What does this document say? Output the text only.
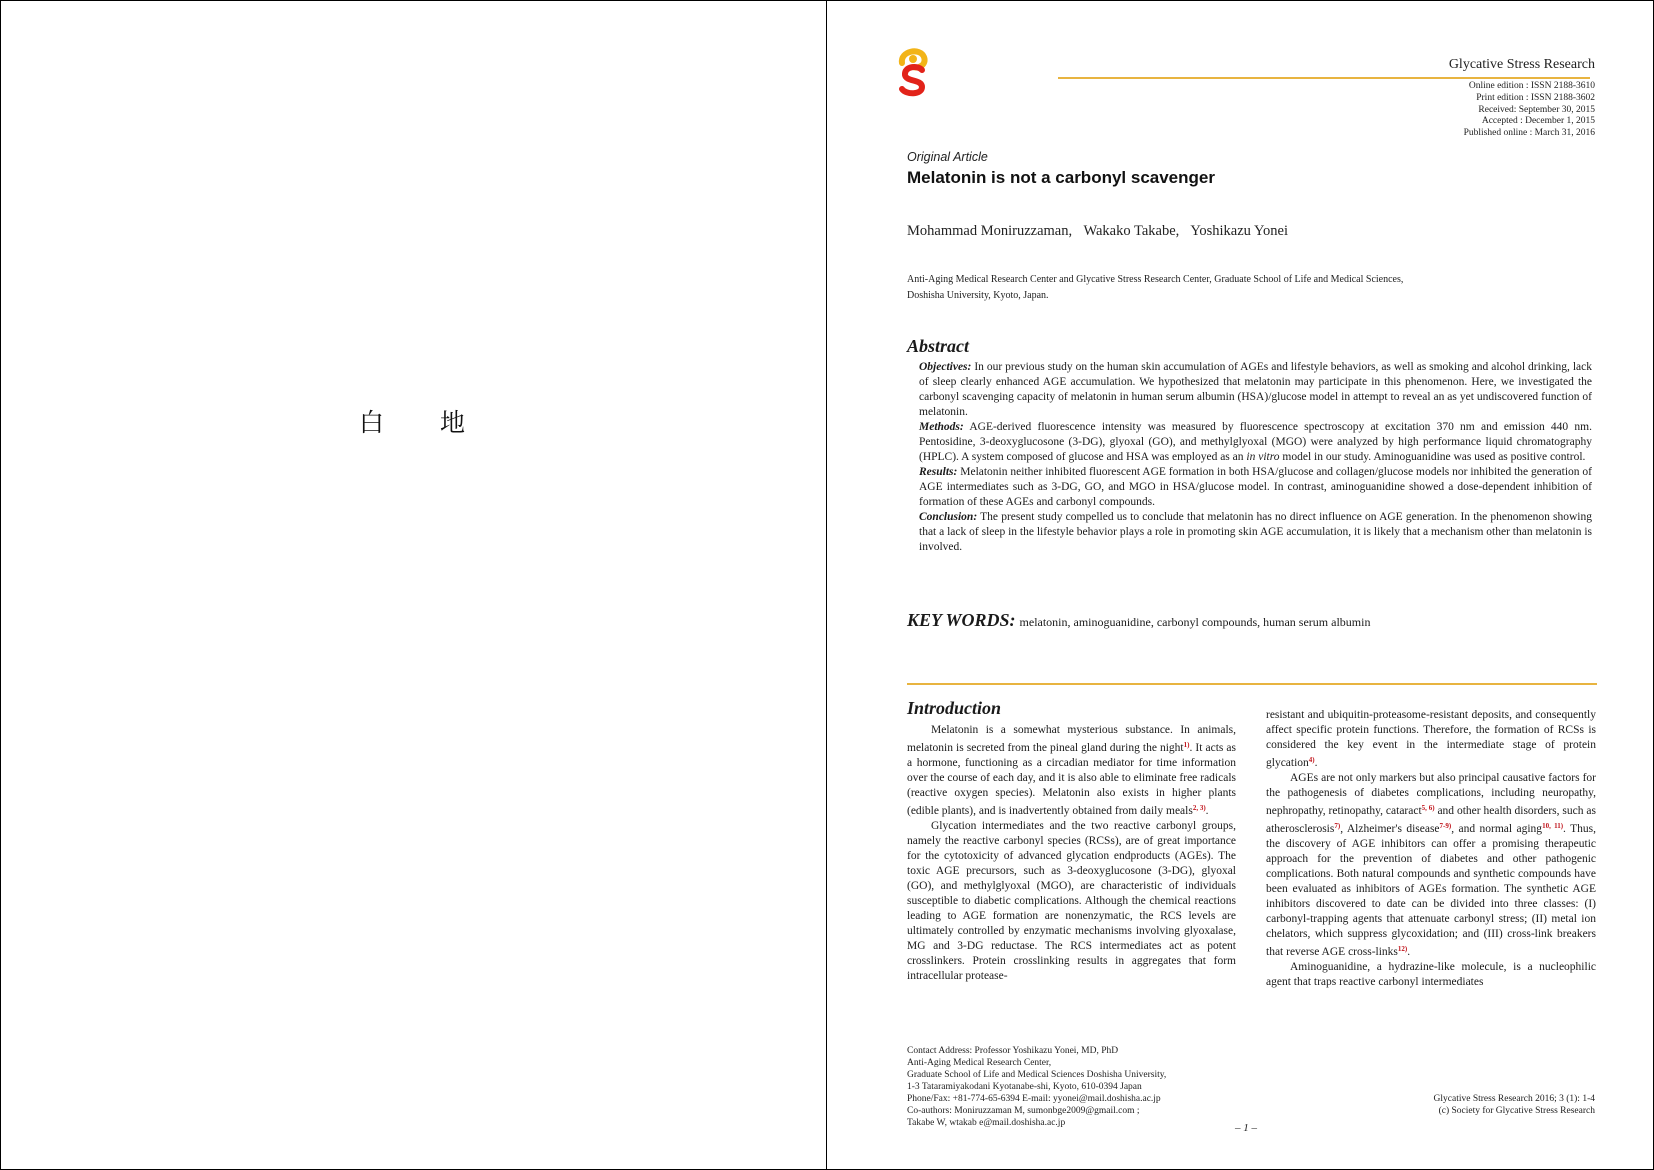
白 地
Glycative Stress Research
Online edition : ISSN 2188-3610
Print edition : ISSN 2188-3602
Received: September 30, 2015
Accepted : December 1, 2015
Published online : March 31, 2016
Original Article
Melatonin is not a carbonyl scavenger
Mohammad Moniruzzaman, Wakako Takabe, Yoshikazu Yonei
Anti-Aging Medical Research Center and Glycative Stress Research Center, Graduate School of Life and Medical Sciences,
Doshisha University, Kyoto, Japan.
Abstract

Objectives: In our previous study on the human skin accumulation of AGEs and lifestyle behaviors, as well as smoking and alcohol drinking, lack of sleep clearly enhanced AGE accumulation. We hypothesized that melatonin may participate in this phenomenon. Here, we investigated the carbonyl scavenging capacity of melatonin in human serum albumin (HSA)/glucose model in attempt to reveal an as yet undiscovered function of melatonin.

Methods: AGE-derived fluorescence intensity was measured by fluorescence spectroscopy at excitation 370 nm and emission 440 nm. Pentosidine, 3-deoxyglucosone (3-DG), glyoxal (GO), and methylglyoxal (MGO) were analyzed by high performance liquid chromatography (HPLC). A system composed of glucose and HSA was employed as an in vitro model in our study. Aminoguanidine was used as positive control.

Results: Melatonin neither inhibited fluorescent AGE formation in both HSA/glucose and collagen/glucose models nor inhibited the generation of AGE intermediates such as 3-DG, GO, and MGO in HSA/glucose model. In contrast, aminoguanidine showed a dose-dependent inhibition of formation of these AGEs and carbonyl compounds.

Conclusion: The present study compelled us to conclude that melatonin has no direct influence on AGE generation. In the phenomenon showing that a lack of sleep in the lifestyle behavior plays a role in promoting skin AGE accumulation, it is likely that a mechanism other than melatonin is involved.

KEY WORDS: melatonin, aminoguanidine, carbonyl compounds, human serum albumin
Introduction

Melatonin is a somewhat mysterious substance. In animals, melatonin is secreted from the pineal gland during the night$^{1)}$. It acts as a hormone, functioning as a circadian mediator for time information over the course of each day, and it is also able to eliminate free radicals (reactive oxygen species). Melatonin also exists in higher plants (edible plants), and is inadvertently obtained from daily meals$^{2, 3)}$.

Glycation intermediates and the two reactive carbonyl groups, namely the reactive carbonyl species (RCSs), are of great importance for the cytotoxicity of advanced glycation endproducts (AGEs). The toxic AGE precursors, such as 3-deoxyglucosone (3-DG), glyoxal (GO), and methylglyoxal (MGO), are characteristic of individuals susceptible to diabetic complications. Although the chemical reactions leading to AGE formation are nonenzymatic, the RCS levels are ultimately controlled by enzymatic mechanisms involving glyoxalase, MG and 3-DG reductase. The RCS intermediates act as potent crosslinkers. Protein crosslinking results in aggregates that form intracellular protease-

resistant and ubiquitin-proteasome-resistant deposits, and consequently affect specific protein functions. Therefore, the formation of RCSs is considered the key event in the intermediate stage of protein glycation$^{4)}$.

AGEs are not only markers but also principal causative factors for the pathogenesis of diabetes complications, including neuropathy, nephropathy, retinopathy, cataract$^{5, 6)}$ and other health disorders, such as atherosclerosis$^{7)}$, Alzheimer's disease$^{7-9)}$, and normal aging$^{10, 11)}$. Thus, the discovery of AGE inhibitors can offer a promising therapeutic approach for the prevention of diabetes and other pathogenic complications. Both natural compounds and synthetic compounds have been evaluated as inhibitors of AGEs formation. The synthetic AGE inhibitors discovered to date can be divided into three classes: (I) carbonyl-trapping agents that attenuate carbonyl stress; (II) metal ion chelators, which suppress glycoxidation; and (III) cross-link breakers that reverse AGE cross-links$^{12)}$.

Aminoguanidine, a hydrazine-like molecule, is a nucleophilic agent that traps reactive carbonyl intermediates

Contact Address: Professor Yoshikazu Yonei, MD, PhD
Anti-Aging Medical Research Center,
Graduate School of Life and Medical Sciences Doshisha University,
1-3 Tataramiyakodani Kyotanabe-shi, Kyoto, 610-0394 Japan
Phone/Fax: +81-774-65-6394 E-mail: yyonei@mail.doshisha.ac.jp
Co-authors: Moniruzzaman M, sumonbge2009@gmail.com ;
Takabe W, wtakab e@mail.doshisha.ac.jp
Glycative Stress Research 2016; 3 (1): 1-4
(c) Society for Glycative Stress Research
– 1 –
